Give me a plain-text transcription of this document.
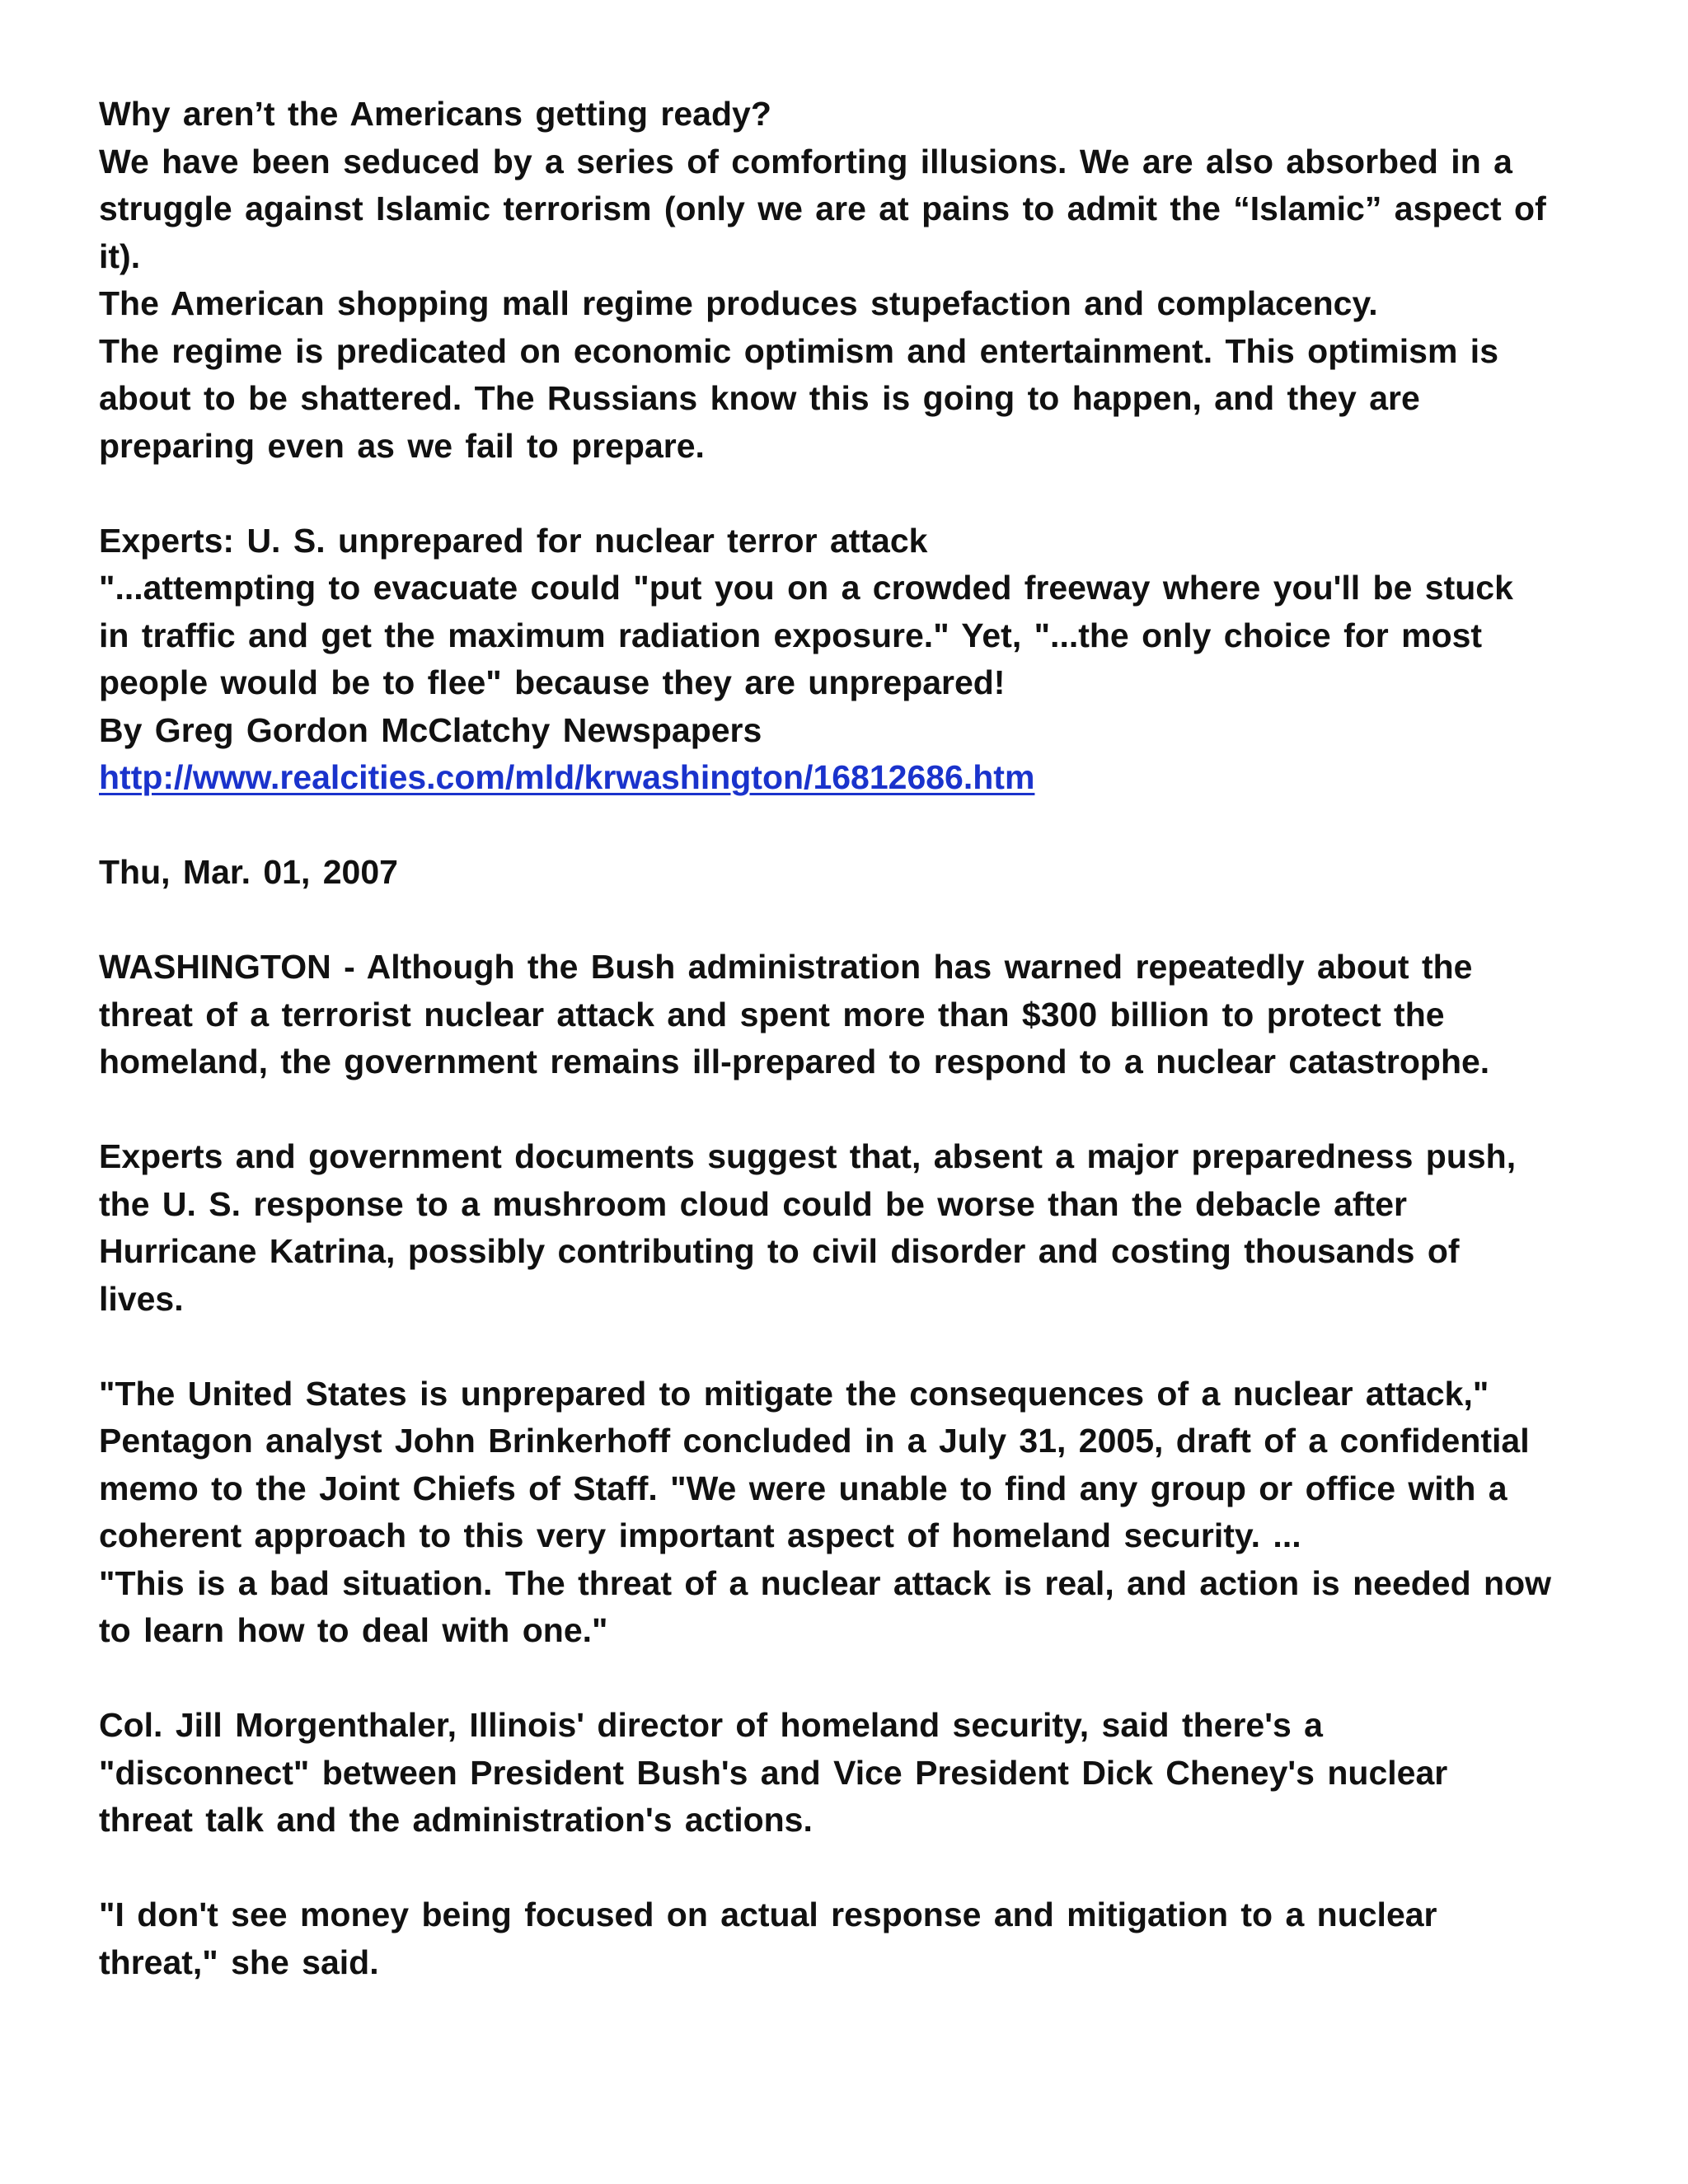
Why aren’t the Americans getting ready?
We have been seduced by a series of comforting illusions. We are also absorbed in a
struggle against Islamic terrorism (only we are at pains to admit the “Islamic” aspect of
it).
The American shopping mall regime produces stupefaction and complacency.
The regime is predicated on economic optimism and entertainment. This optimism is
about to be shattered. The Russians know this is going to happen, and they are
preparing even as we fail to prepare.
Experts: U. S. unprepared for nuclear terror attack
"...attempting to evacuate could "put you on a crowded freeway where you'll be stuck
in traffic and get the maximum radiation exposure." Yet, "...the only choice for most
people would be to flee" because they are unprepared!
By Greg Gordon McClatchy Newspapers
http://www.realcities.com/mld/krwashington/16812686.htm
Thu, Mar. 01, 2007
WASHINGTON - Although the Bush administration has warned repeatedly about the
threat of a terrorist nuclear attack and spent more than $300 billion to protect the
homeland, the government remains ill-prepared to respond to a nuclear catastrophe.
Experts and government documents suggest that, absent a major preparedness push,
the U. S. response to a mushroom cloud could be worse than the debacle after
Hurricane Katrina, possibly contributing to civil disorder and costing thousands of
lives.
"The United States is unprepared to mitigate the consequences of a nuclear attack,"
Pentagon analyst John Brinkerhoff concluded in a July 31, 2005, draft of a confidential
memo to the Joint Chiefs of Staff. "We were unable to find any group or office with a
coherent approach to this very important aspect of homeland security. ...
"This is a bad situation. The threat of a nuclear attack is real, and action is needed now
to learn how to deal with one."
Col. Jill Morgenthaler, Illinois' director of homeland security, said there's a
"disconnect" between President Bush's and Vice President Dick Cheney's nuclear
threat talk and the administration's actions.
"I don't see money being focused on actual response and mitigation to a nuclear
threat," she said.
